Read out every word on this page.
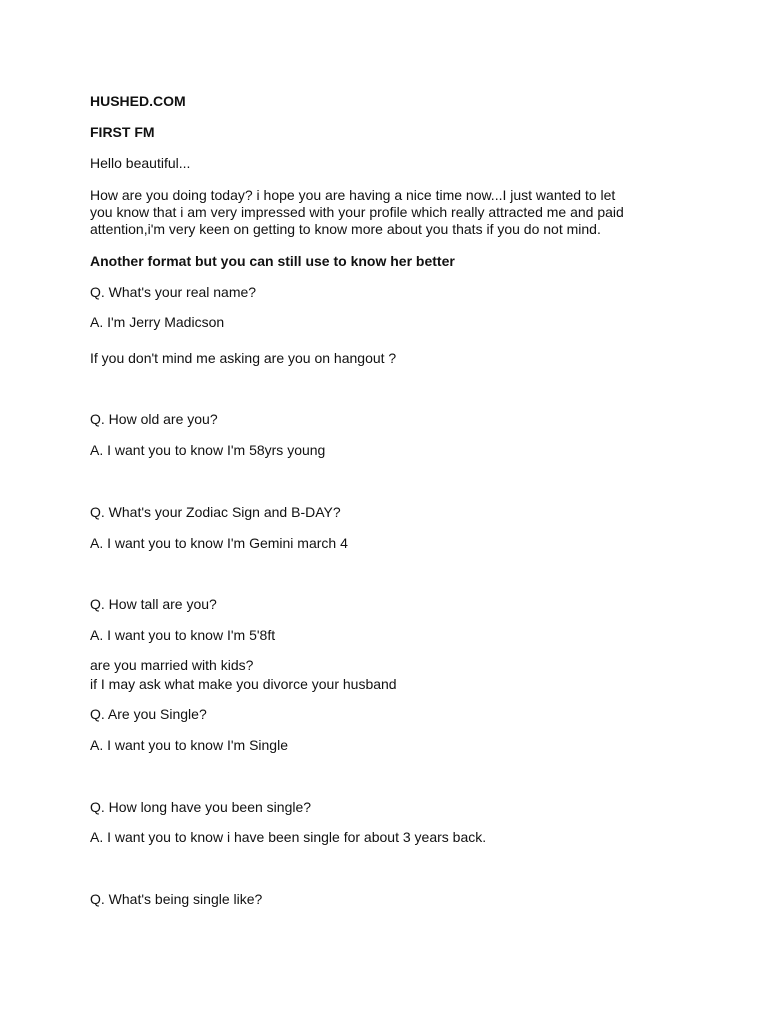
HUSHED.COM
FIRST FM
Hello beautiful...
How are you doing today? i hope you are having a nice time now...I just wanted to let
you know that i am very impressed with your profile which really attracted me and paid
attention,i'm very keen on getting to know more about you thats if you do not mind.
Another format but you can still use to know her better
Q. What's your real name?
A. I'm Jerry Madicson
If you don't mind me asking are you on hangout ?
Q. How old are you?
A. I want you to know I'm 58yrs young
Q. What's your Zodiac Sign and B-DAY?
A. I want you to know I'm Gemini march 4
Q. How tall are you?
A. I want you to know I'm 5'8ft
are you married with kids?
if I may ask what make you divorce your husband
Q. Are you Single?
A. I want you to know I'm Single
Q. How long have you been single?
A. I want you to know i have been single for about 3 years back.
Q. What's being single like?
